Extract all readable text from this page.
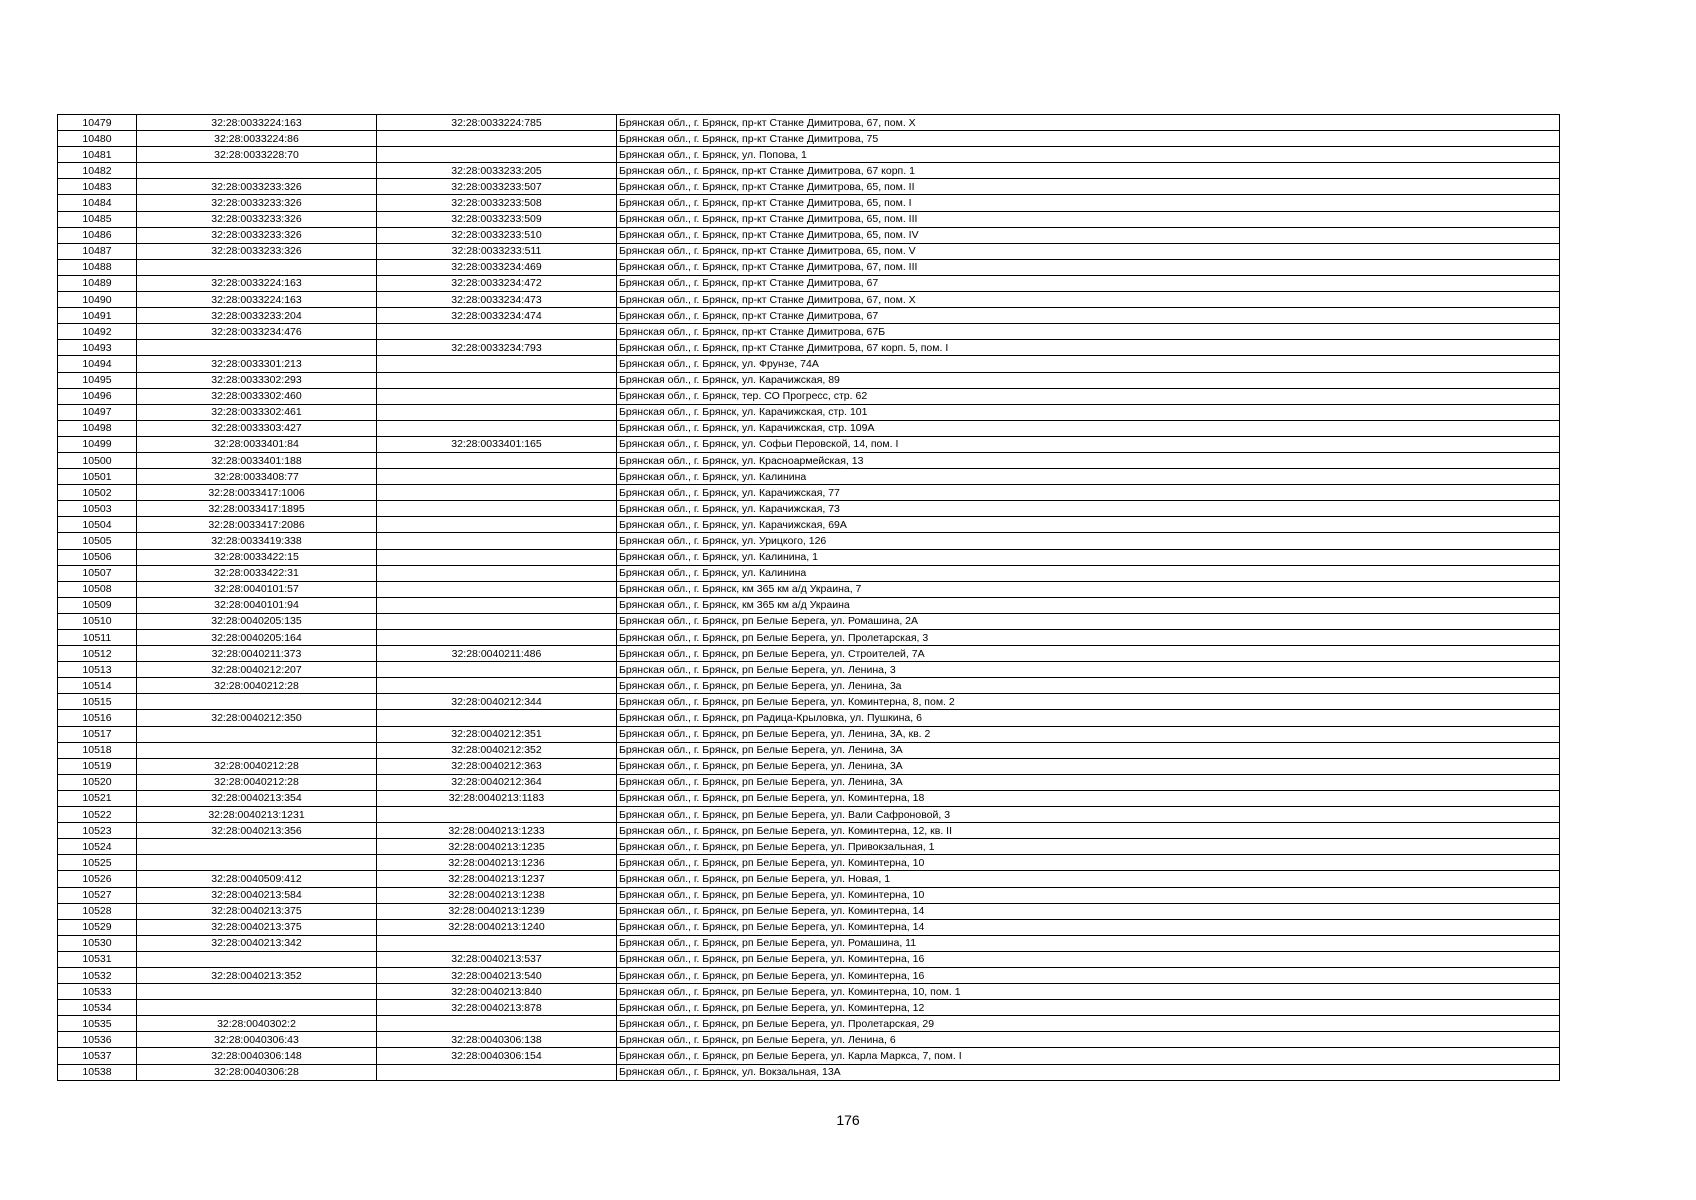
10479	32:28:0033224:163	32:28:0033224:785	Брянская обл., г. Брянск, пр-кт Станке Димитрова, 67, пом. X
10480	32:28:0033224:86		Брянская обл., г. Брянск, пр-кт Станке Димитрова, 75
10481	32:28:0033228:70		Брянская обл., г. Брянск, ул. Попова, 1
10482		32:28:0033233:205	Брянская обл., г. Брянск, пр-кт Станке Димитрова, 67 корп. 1
10483	32:28:0033233:326	32:28:0033233:507	Брянская обл., г. Брянск, пр-кт Станке Димитрова, 65, пом. II
10484	32:28:0033233:326	32:28:0033233:508	Брянская обл., г. Брянск, пр-кт Станке Димитрова, 65, пом. I
10485	32:28:0033233:326	32:28:0033233:509	Брянская обл., г. Брянск, пр-кт Станке Димитрова, 65, пом. III
10486	32:28:0033233:326	32:28:0033233:510	Брянская обл., г. Брянск, пр-кт Станке Димитрова, 65, пом. IV
10487	32:28:0033233:326	32:28:0033233:511	Брянская обл., г. Брянск, пр-кт Станке Димитрова, 65, пом. V
10488		32:28:0033234:469	Брянская обл., г. Брянск, пр-кт Станке Димитрова, 67, пом. III
10489	32:28:0033224:163	32:28:0033234:472	Брянская обл., г. Брянск, пр-кт Станке Димитрова, 67
10490	32:28:0033224:163	32:28:0033234:473	Брянская обл., г. Брянск, пр-кт Станке Димитрова, 67, пом. X
10491	32:28:0033233:204	32:28:0033234:474	Брянская обл., г. Брянск, пр-кт Станке Димитрова, 67
10492	32:28:0033234:476		Брянская обл., г. Брянск, пр-кт Станке Димитрова, 67Б
10493		32:28:0033234:793	Брянская обл., г. Брянск, пр-кт Станке Димитрова, 67 корп. 5, пом. I
10494	32:28:0033301:213		Брянская обл., г. Брянск, ул. Фрунзе, 74А
10495	32:28:0033302:293		Брянская обл., г. Брянск, ул. Карачижская, 89
10496	32:28:0033302:460		Брянская обл., г. Брянск, тер. СО Прогресс, стр. 62
10497	32:28:0033302:461		Брянская обл., г. Брянск, ул. Карачижская, стр. 101
10498	32:28:0033303:427		Брянская обл., г. Брянск, ул. Карачижская, стр. 109А
10499	32:28:0033401:84	32:28:0033401:165	Брянская обл., г. Брянск, ул. Софьи Перовской, 14, пом. I
10500	32:28:0033401:188		Брянская обл., г. Брянск, ул. Красноармейская, 13
10501	32:28:0033408:77		Брянская обл., г. Брянск, ул. Калинина
10502	32:28:0033417:1006		Брянская обл., г. Брянск, ул. Карачижская, 77
10503	32:28:0033417:1895		Брянская обл., г. Брянск, ул. Карачижская, 73
10504	32:28:0033417:2086		Брянская обл., г. Брянск, ул. Карачижская, 69А
10505	32:28:0033419:338		Брянская обл., г. Брянск, ул. Урицкого, 126
10506	32:28:0033422:15		Брянская обл., г. Брянск, ул. Калинина, 1
10507	32:28:0033422:31		Брянская обл., г. Брянск, ул. Калинина
10508	32:28:0040101:57		Брянская обл., г. Брянск, км 365 км а/д Украина, 7
10509	32:28:0040101:94		Брянская обл., г. Брянск, км 365 км а/д Украина
10510	32:28:0040205:135		Брянская обл., г. Брянск, рп Белые Берега, ул. Ромашина, 2А
10511	32:28:0040205:164		Брянская обл., г. Брянск, рп Белые Берега, ул. Пролетарская, 3
10512	32:28:0040211:373	32:28:0040211:486	Брянская обл., г. Брянск, рп Белые Берега, ул. Строителей, 7А
10513	32:28:0040212:207		Брянская обл., г. Брянск, рп Белые Берега, ул. Ленина, 3
10514	32:28:0040212:28		Брянская обл., г. Брянск, рп Белые Берега, ул. Ленина, 3а
10515		32:28:0040212:344	Брянская обл., г. Брянск, рп Белые Берега, ул. Коминтерна, 8, пом. 2
10516	32:28:0040212:350		Брянская обл., г. Брянск, рп Радица-Крыловка, ул. Пушкина, 6
10517		32:28:0040212:351	Брянская обл., г. Брянск, рп Белые Берега, ул. Ленина, 3А, кв. 2
10518		32:28:0040212:352	Брянская обл., г. Брянск, рп Белые Берега, ул. Ленина, 3А
10519	32:28:0040212:28	32:28:0040212:363	Брянская обл., г. Брянск, рп Белые Берега, ул. Ленина, 3А
10520	32:28:0040212:28	32:28:0040212:364	Брянская обл., г. Брянск, рп Белые Берега, ул. Ленина, 3А
10521	32:28:0040213:354	32:28:0040213:1183	Брянская обл., г. Брянск, рп Белые Берега, ул. Коминтерна, 18
10522	32:28:0040213:1231		Брянская обл., г. Брянск, рп Белые Берега, ул. Вали Сафроновой, 3
10523	32:28:0040213:356	32:28:0040213:1233	Брянская обл., г. Брянск, рп Белые Берега, ул. Коминтерна, 12, кв. II
10524		32:28:0040213:1235	Брянская обл., г. Брянск, рп Белые Берега, ул. Привокзальная, 1
10525		32:28:0040213:1236	Брянская обл., г. Брянск, рп Белые Берега, ул. Коминтерна, 10
10526	32:28:0040509:412	32:28:0040213:1237	Брянская обл., г. Брянск, рп Белые Берега, ул. Новая, 1
10527	32:28:0040213:584	32:28:0040213:1238	Брянская обл., г. Брянск, рп Белые Берега, ул. Коминтерна, 10
10528	32:28:0040213:375	32:28:0040213:1239	Брянская обл., г. Брянск, рп Белые Берега, ул. Коминтерна, 14
10529	32:28:0040213:375	32:28:0040213:1240	Брянская обл., г. Брянск, рп Белые Берега, ул. Коминтерна, 14
10530	32:28:0040213:342		Брянская обл., г. Брянск, рп Белые Берега, ул. Ромашина, 11
10531		32:28:0040213:537	Брянская обл., г. Брянск, рп Белые Берега, ул. Коминтерна, 16
10532	32:28:0040213:352	32:28:0040213:540	Брянская обл., г. Брянск, рп Белые Берега, ул. Коминтерна, 16
10533		32:28:0040213:840	Брянская обл., г. Брянск, рп Белые Берега, ул. Коминтерна, 10, пом. 1
10534		32:28:0040213:878	Брянская обл., г. Брянск, рп Белые Берега, ул. Коминтерна, 12
10535	32:28:0040302:2		Брянская обл., г. Брянск, рп Белые Берега, ул. Пролетарская, 29
10536	32:28:0040306:43	32:28:0040306:138	Брянская обл., г. Брянск, рп Белые Берега, ул. Ленина, 6
10537	32:28:0040306:148	32:28:0040306:154	Брянская обл., г. Брянск, рп Белые Берега, ул. Карла Маркса, 7, пом. I
10538	32:28:0040306:28		Брянская обл., г. Брянск, ул. Вокзальная, 13А
176
